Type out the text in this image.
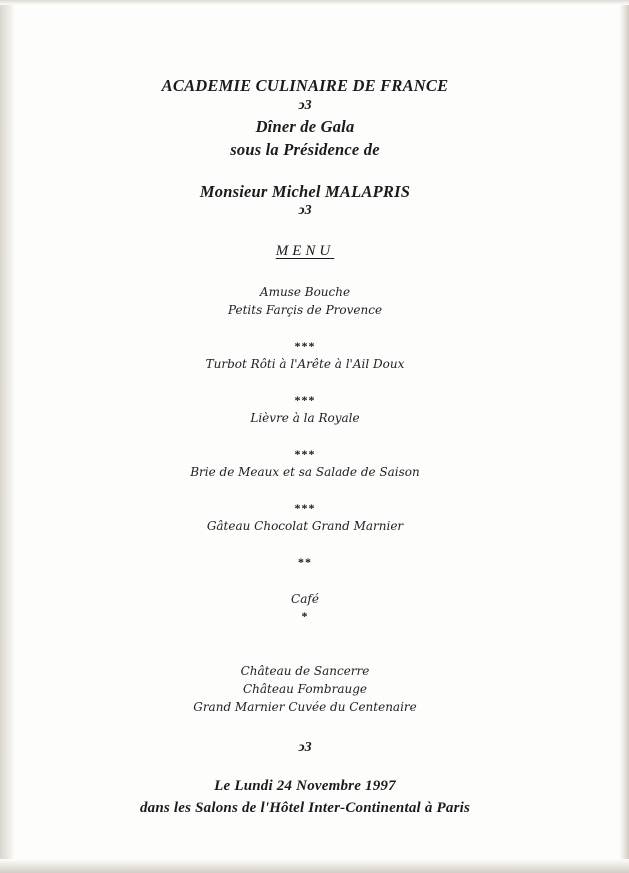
ACADEMIE CULINAIRE DE FRANCE
ↄ3
Dîner de Gala
sous la Présidence de
Monsieur Michel MALAPRIS
ↄ3
MENU
Amuse Bouche
Petits Farçis de Provence
***
Turbot Rôti à l'Arête à l'Ail Doux
***
Lièvre à la Royale
***
Brie de Meaux et sa Salade de Saison
***
Gâteau Chocolat Grand Marnier
**
Café
*
Château de Sancerre
Château Fombrauge
Grand Marnier Cuvée du Centenaire
ↄ3
Le Lundi 24 Novembre 1997
dans les Salons de l'Hôtel Inter-Continental à Paris
